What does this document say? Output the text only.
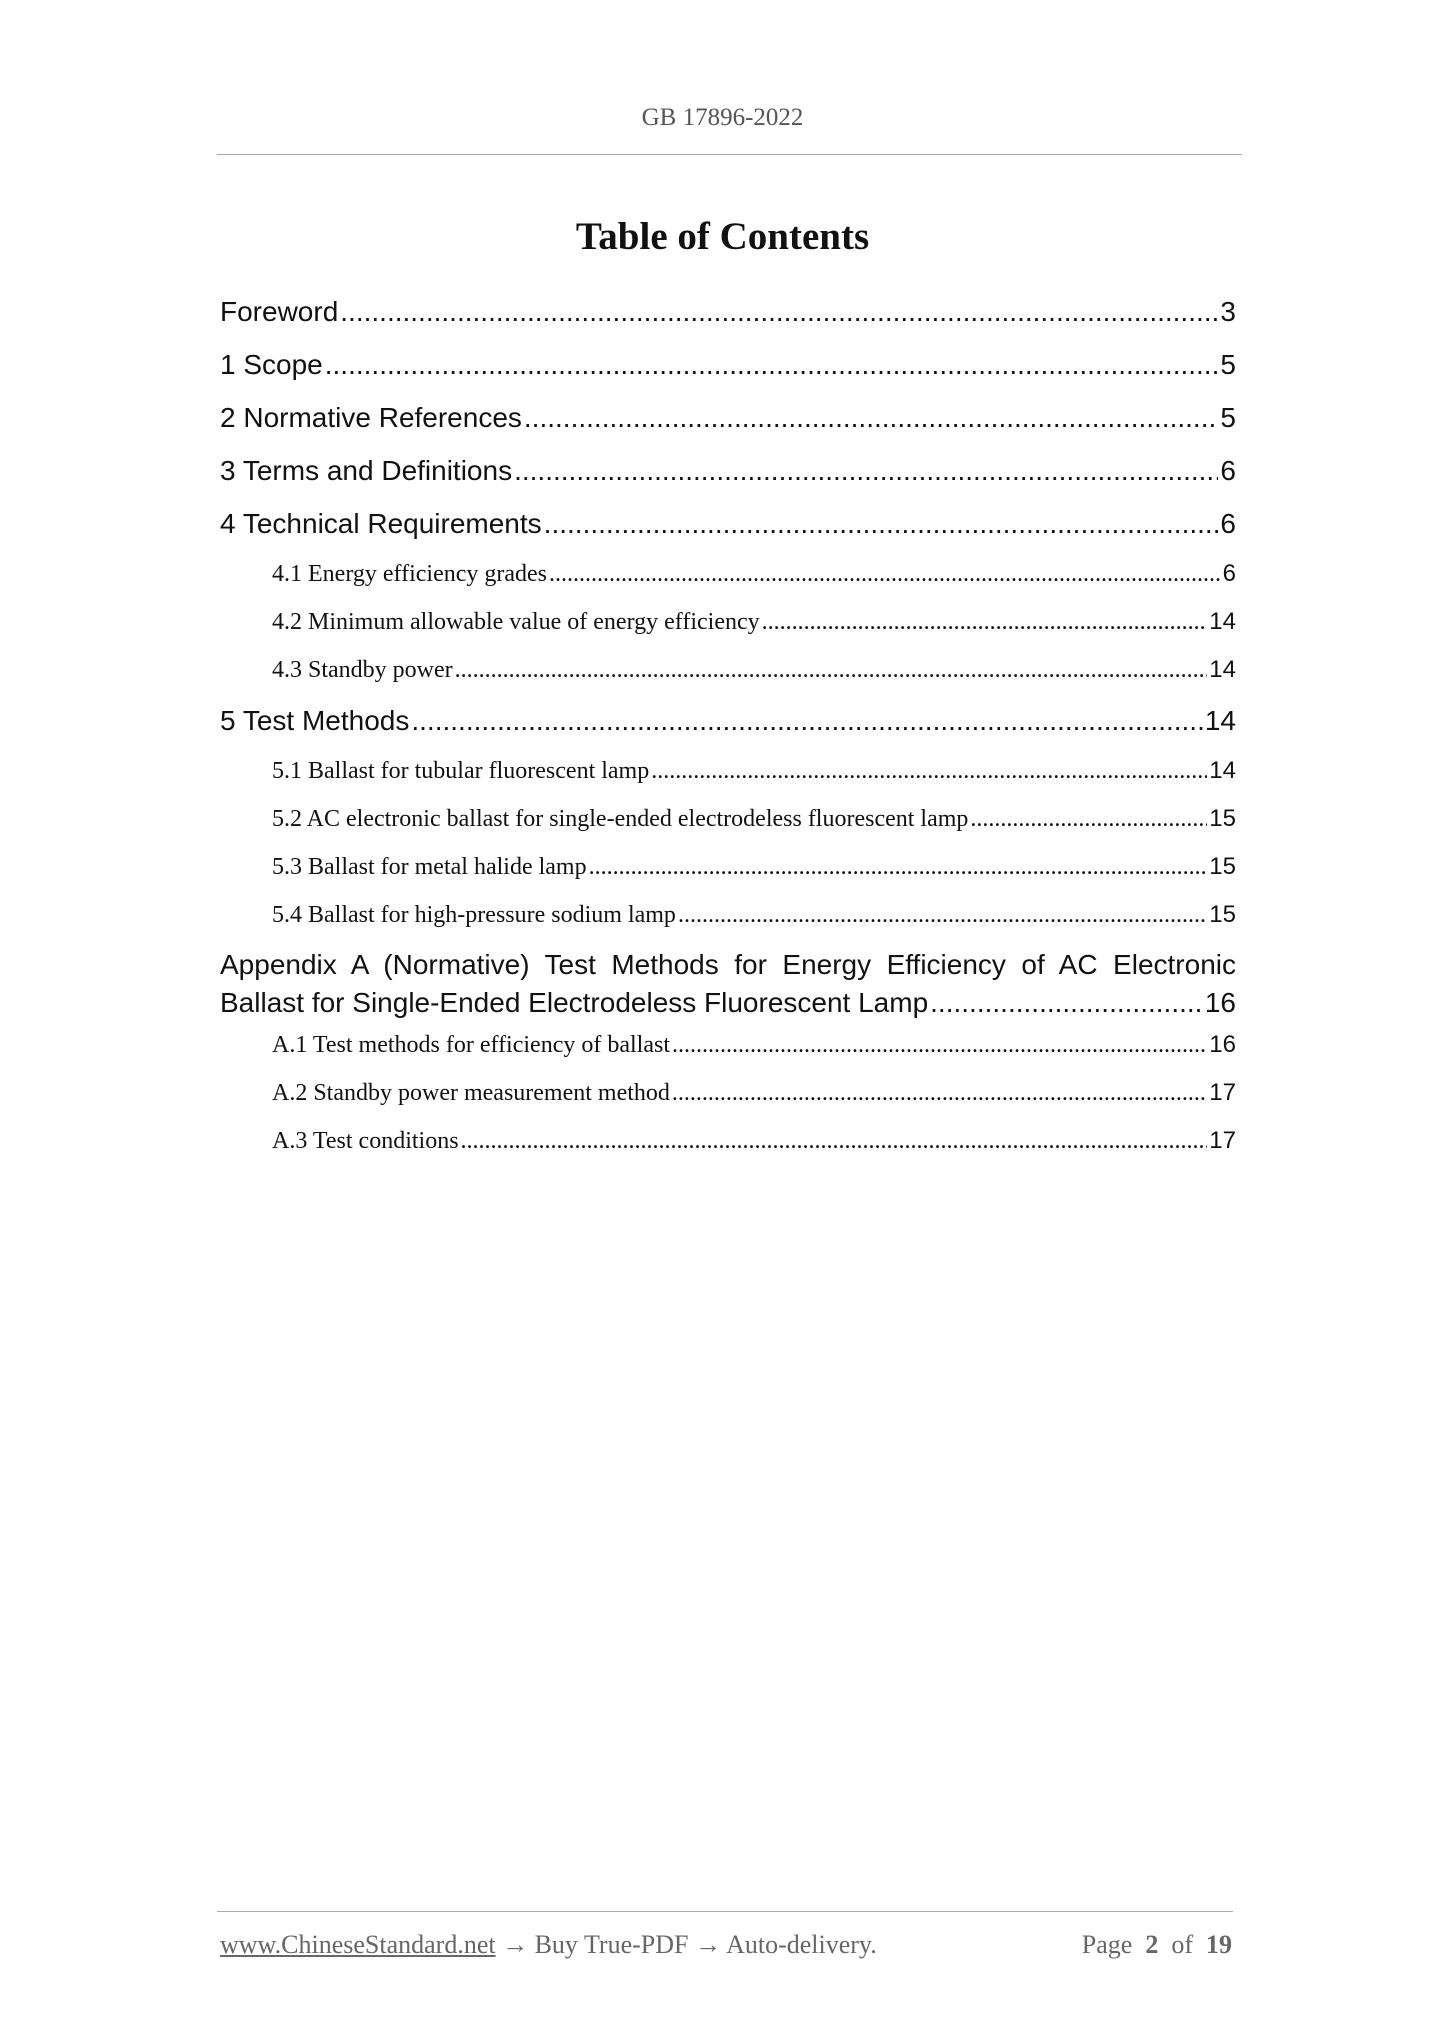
GB 17896-2022
Table of Contents
Foreword .....	3
1 Scope .....	5
2 Normative References .....	5
3 Terms and Definitions .....	6
4 Technical Requirements .....	6
4.1 Energy efficiency grades .....	6
4.2 Minimum allowable value of energy efficiency .....	14
4.3 Standby power .....	14
5 Test Methods .....	14
5.1 Ballast for tubular fluorescent lamp .....	14
5.2 AC electronic ballast for single-ended electrodeless fluorescent lamp .....	15
5.3 Ballast for metal halide lamp .....	15
5.4 Ballast for high-pressure sodium lamp .....	15
Appendix A (Normative) Test Methods for Energy Efficiency of AC Electronic
Ballast for Single-Ended Electrodeless Fluorescent Lamp .....	16
A.1 Test methods for efficiency of ballast .....	16
A.2 Standby power measurement method .....	17
A.3 Test conditions .....	17
www.ChineseStandard.net → Buy True-PDF → Auto-delivery.	Page 2 of 19
